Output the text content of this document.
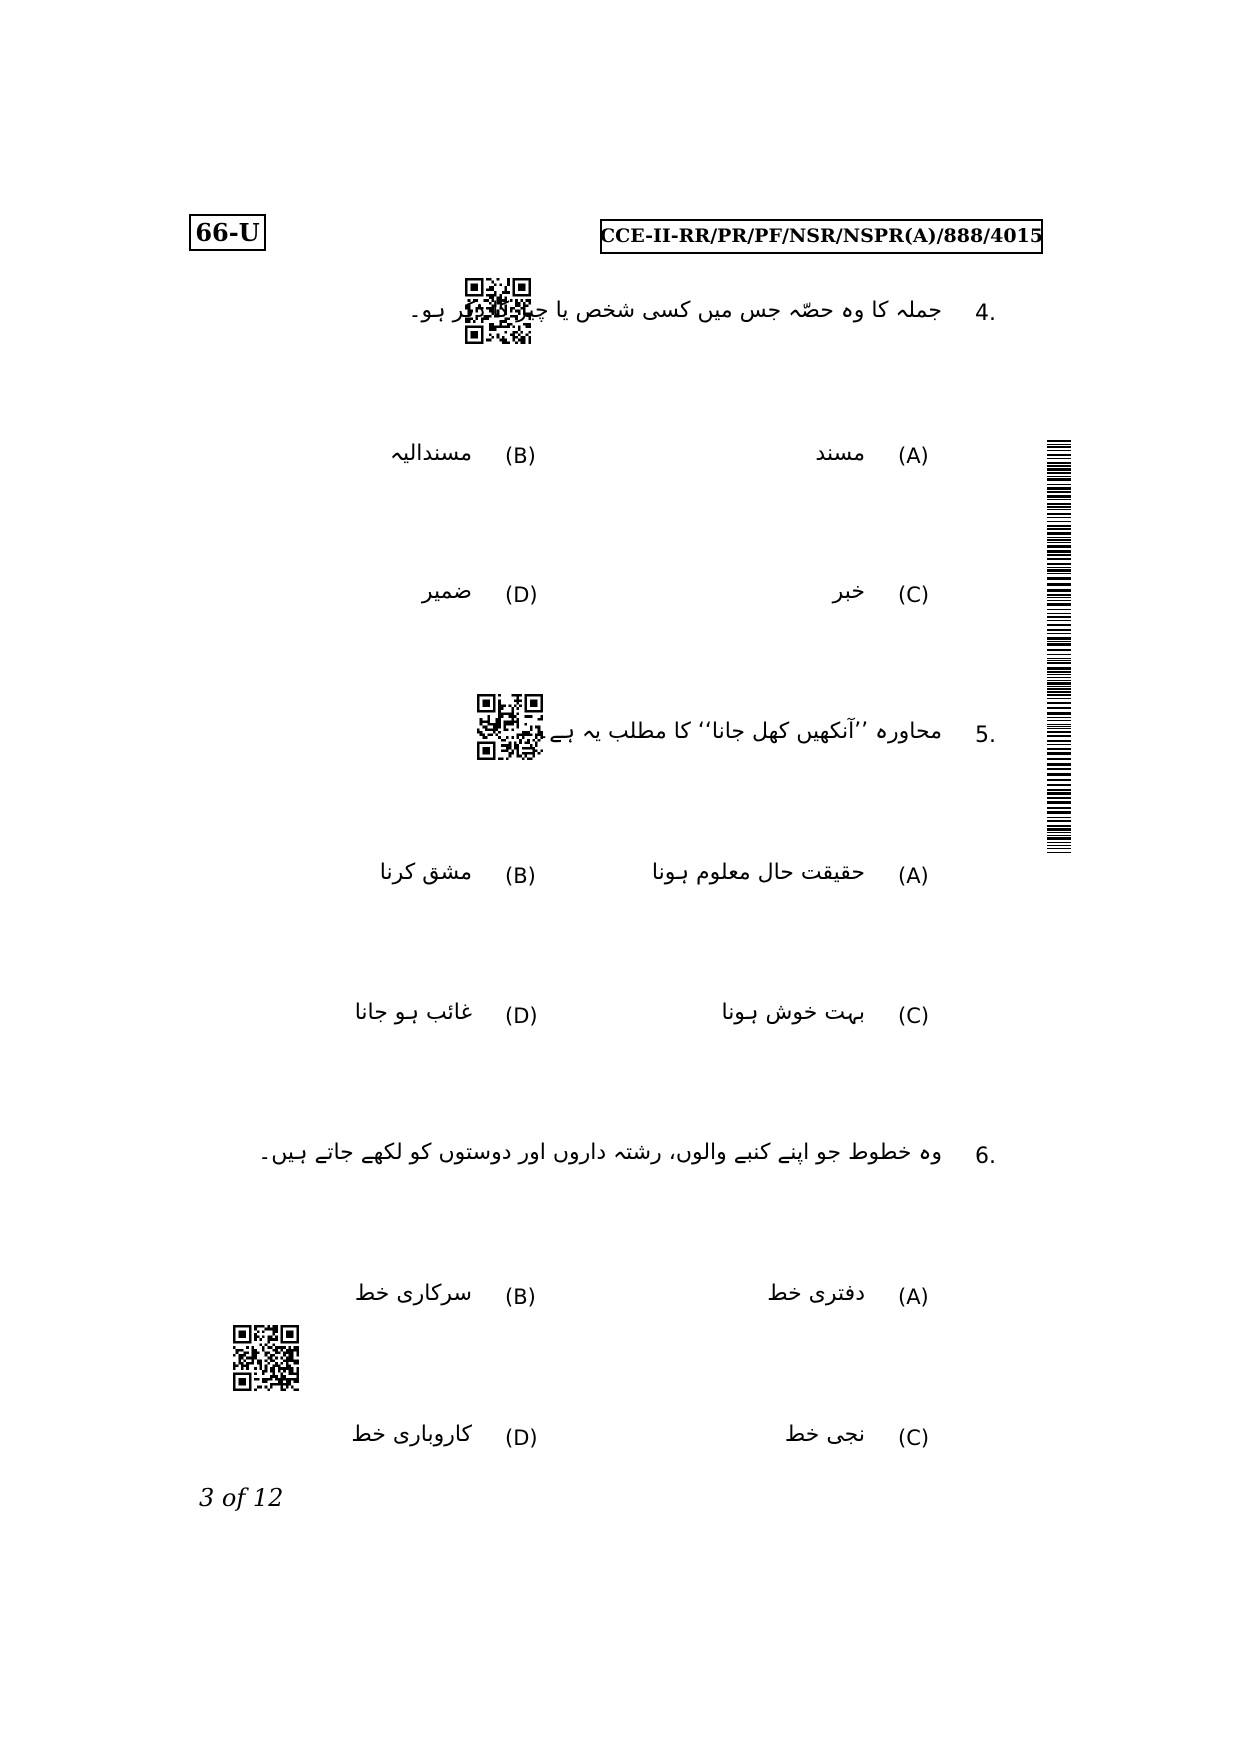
66-U	CCE-II-RR/PR/PF/NSR/NSPR(A)/888/4015
4.
جملہ کا وہ حصّہ جس میں کسی شخص یا چیز کا ذکر ہو۔
(A)
مسند
(B)
مسندالیہ
(C)
خبر
(D)
ضمیر
5.
محاورہ ’’آنکھیں کھل جانا‘‘ کا مطلب یہ ہے۔
(A)
حقیقت حال معلوم ہونا
(B)
مشق کرنا
(C)
بہت خوش ہونا
(D)
غائب ہو جانا
6.
وہ خطوط جو اپنے کنبے والوں، رشتہ داروں اور دوستوں کو لکھے جاتے ہیں۔
(A)
دفتری خط
(B)
سرکاری خط
(C)
نجی خط
(D)
کاروباری خط
3 of 12
